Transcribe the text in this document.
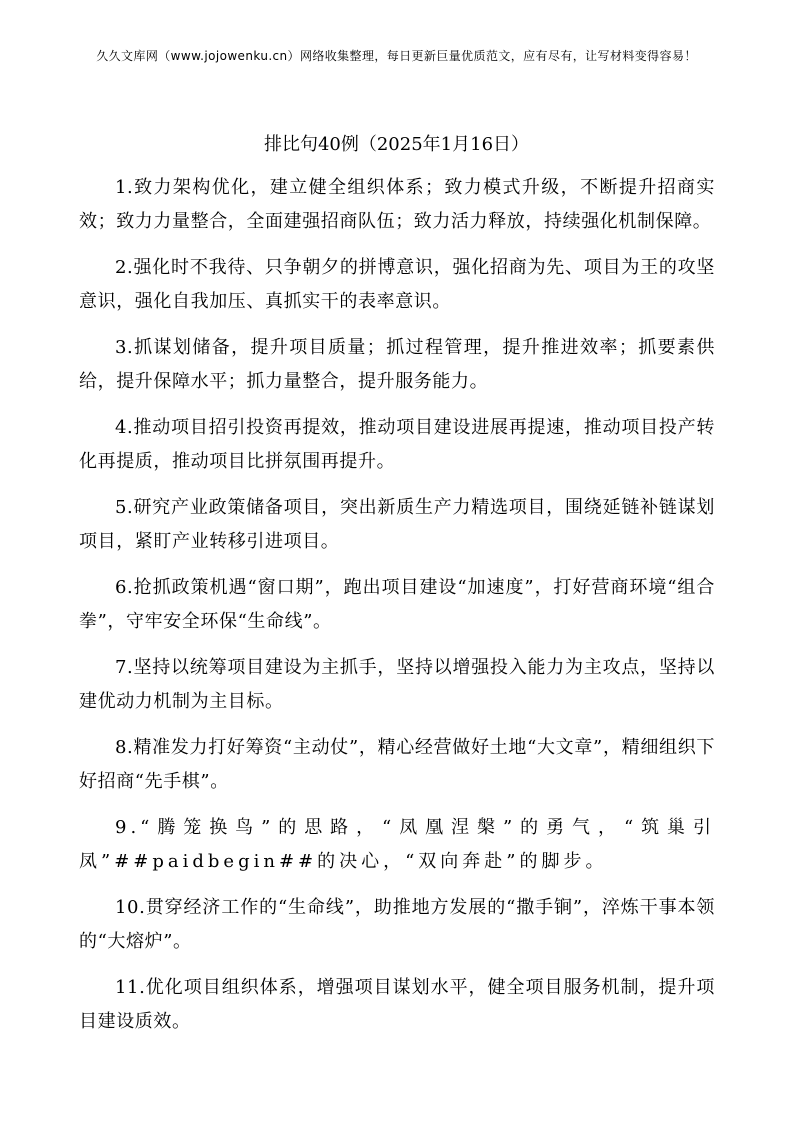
久久文库网（www.jojowenku.cn）网络收集整理，每日更新巨量优质范文，应有尽有，让写材料变得容易！
排比句40例（2025年1月16日）

1.致力架构优化，建立健全组织体系；致力模式升级，不断提升招商实效；致力力量整合，全面建强招商队伍；致力活力释放，持续强化机制保障。

2.强化时不我待、只争朝夕的拼博意识，强化招商为先、项目为王的攻坚意识，强化自我加压、真抓实干的表率意识。

3.抓谋划储备，提升项目质量；抓过程管理，提升推进效率；抓要素供给，提升保障水平；抓力量整合，提升服务能力。

4.推动项目招引投资再提效，推动项目建设进展再提速，推动项目投产转化再提质，推动项目比拼氛围再提升。

5.研究产业政策储备项目，突出新质生产力精选项目，围绕延链补链谋划项目，紧盯产业转移引进项目。

6.抢抓政策机遇“窗口期”，跑出项目建设“加速度”，打好营商环境“组合拳”，守牢安全环保“生命线”。

7.坚持以统筹项目建设为主抓手，坚持以增强投入能力为主攻点，坚持以建优动力机制为主目标。

8.精准发力打好筹资“主动仗”，精心经营做好土地“大文章”，精细组织下好招商“先手棋”。

9.“腾笼换鸟”的思路，“凤凰涅槃”的勇气，“筑巢引凤”##paidbegin##的决心，“双向奔赴”的脚步。

10.贯穿经济工作的“生命线”，助推地方发展的“撒手锏”，淬炼干事本领的“大熔炉”。

11.优化项目组织体系，增强项目谋划水平，健全项目服务机制，提升项目建设质效。
